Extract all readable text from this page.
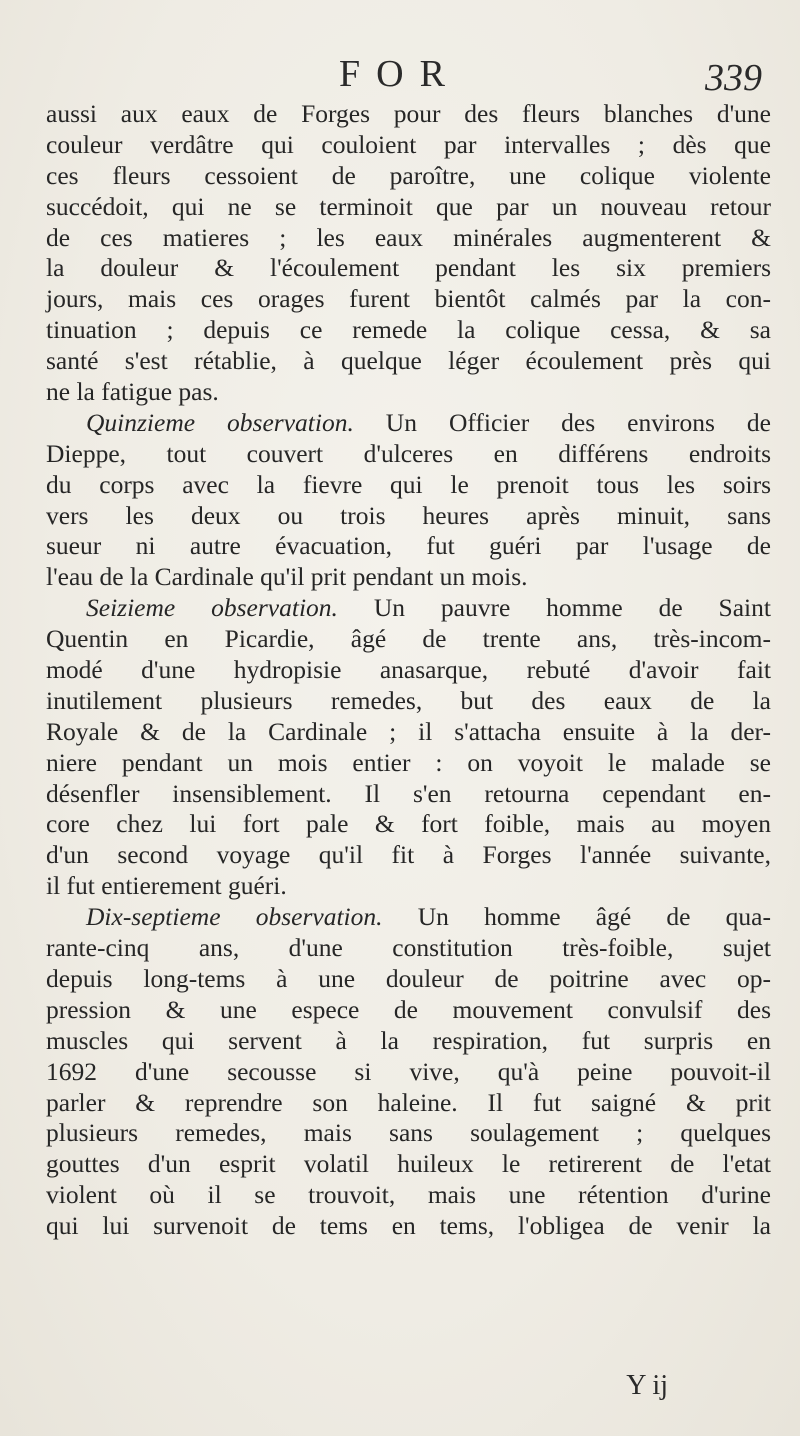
FOR	339
aussi aux eaux de Forges pour des fleurs blanches d'une
couleur verdâtre qui couloient par intervalles ; dès que
ces fleurs cessoient de paroître, une colique violente
succédoit, qui ne se terminoit que par un nouveau retour
de ces matieres ; les eaux minérales augmenterent &
la douleur & l'écoulement pendant les six premiers
jours, mais ces orages furent bientôt calmés par la con-
tinuation ; depuis ce remede la colique cessa, & sa
santé s'est rétablie, à quelque léger écoulement près qui
ne la fatigue pas.
Quinzieme observation. Un Officier des environs de
Dieppe, tout couvert d'ulceres en différens endroits
du corps avec la fievre qui le prenoit tous les soirs
vers les deux ou trois heures après minuit, sans
sueur ni autre évacuation, fut guéri par l'usage de
l'eau de la Cardinale qu'il prit pendant un mois.
Seizieme observation. Un pauvre homme de Saint
Quentin en Picardie, âgé de trente ans, très-incom-
modé d'une hydropisie anasarque, rebuté d'avoir fait
inutilement plusieurs remedes, but des eaux de la
Royale & de la Cardinale ; il s'attacha ensuite à la der-
niere pendant un mois entier : on voyoit le malade se
désenfler insensiblement. Il s'en retourna cependant en-
core chez lui fort pale & fort foible, mais au moyen
d'un second voyage qu'il fit à Forges l'année suivante,
il fut entierement guéri.
Dix-septieme observation. Un homme âgé de qua-
rante-cinq ans, d'une constitution très-foible, sujet
depuis long-tems à une douleur de poitrine avec op-
pression & une espece de mouvement convulsif des
muscles qui servent à la respiration, fut surpris en
1692 d'une secousse si vive, qu'à peine pouvoit-il
parler & reprendre son haleine. Il fut saigné & prit
plusieurs remedes, mais sans soulagement ; quelques
gouttes d'un esprit volatil huileux le retirerent de l'etat
violent où il se trouvoit, mais une rétention d'urine
qui lui survenoit de tems en tems, l'obligea de venir la
Y ij
